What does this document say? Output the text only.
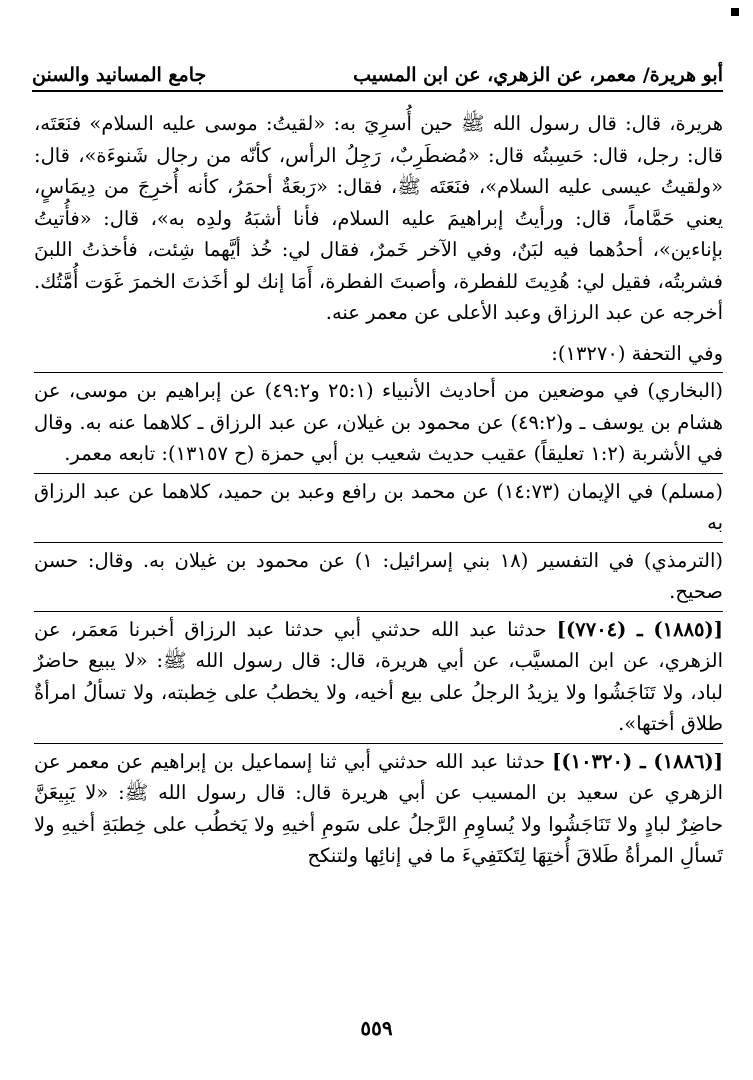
أبو هريرة/ معمر، عن الزهري، عن ابن المسيب
جامع المسانيد والسنن

هريرة، قال: قال رسول الله ﷺ حين أُسرِيَ به: «لقيتُ: موسى عليه السلام» فنَعَتَه، قال: رجل، قال: حَسِبتُه قال: «مُضطَرِبٌ، رَجِلُ الرأس، كأنّه من رجال شَنوءَة»، قال: «ولقيتُ عيسى عليه السلام»، فنَعَتَه ﷺ، فقال: «رَبعَةٌ أحمَرُ، كأنه أُخرِجَ من دِيمَاسٍ، يعني حَمَّاماً، قال: ورأيتُ إبراهيمَ عليه السلام، فأنا أشبَهُ ولدِه به»، قال: «فأُتيتُ بإناءين»، أحدُهما فيه لبَنٌ، وفي الآخر خَمرٌ، فقال لي: خُذ أيَّهما شِئت، فأخذتُ اللبنَ فشربتُه، فقيل لي: هُدِيتَ للفطرة، وأصبتَ الفطرة، أَمَا إنك لو أخَذتَ الخمرَ غَوَت أُمَّتُك. أخرجه عن عبد الرزاق وعبد الأعلى عن معمر عنه.

وفي التحفة (١٣٢٧٠):

(البخاري) في موضعين من أحاديث الأنبياء (٢٥:١ و٤٩:٢) عن إبراهيم بن موسى، عن هشام بن يوسف ـ و(٤٩:٢) عن محمود بن غيلان، عن عبد الرزاق ـ كلاهما عنه به. وقال في الأشربة (١:٢ تعليقاً) عقيب حديث شعيب بن أبي حمزة (ح ١٣١٥٧): تابعه معمر.

(مسلم) في الإيمان (١٤:٧٣) عن محمد بن رافع وعبد بن حميد، كلاهما عن عبد الرزاق به

(الترمذي) في التفسير (١٨ بني إسرائيل: ١) عن محمود بن غيلان به. وقال: حسن صحيح.

[(١٨٨٥) ـ (٧٧٠٤)] حدثنا عبد الله حدثني أبي حدثنا عبد الرزاق أخبرنا مَعمَر، عن الزهري، عن ابن المسيَّب، عن أبي هريرة، قال: قال رسول الله ﷺ: «لا يبيع حاضرٌ لباد، ولا تَنَاجَشُوا ولا يزيدُ الرجلُ على بيع أخيه، ولا يخطبُ على خِطبته، ولا تسألُ امرأةٌ طلاق أختها».

[(١٨٨٦) ـ (١٠٣٢٠)] حدثنا عبد الله حدثني أبي ثنا إسماعيل بن إبراهيم عن معمر عن الزهري عن سعيد بن المسيب عن أبي هريرة قال: قال رسول الله ﷺ: «لا يَبِيعَنَّ حاضِرٌ لبادٍ ولا تَنَاجَشُوا ولا يُساوِمِ الرَّجلُ على سَومِ أخيهِ ولا يَخطُب على خِطبَةِ أخيهِ ولا تَسألِ المرأةُ طَلاقَ أُختِهَا لِتَكتَفِيءَ ما في إنائِها ولتنكح

٥٥٩
